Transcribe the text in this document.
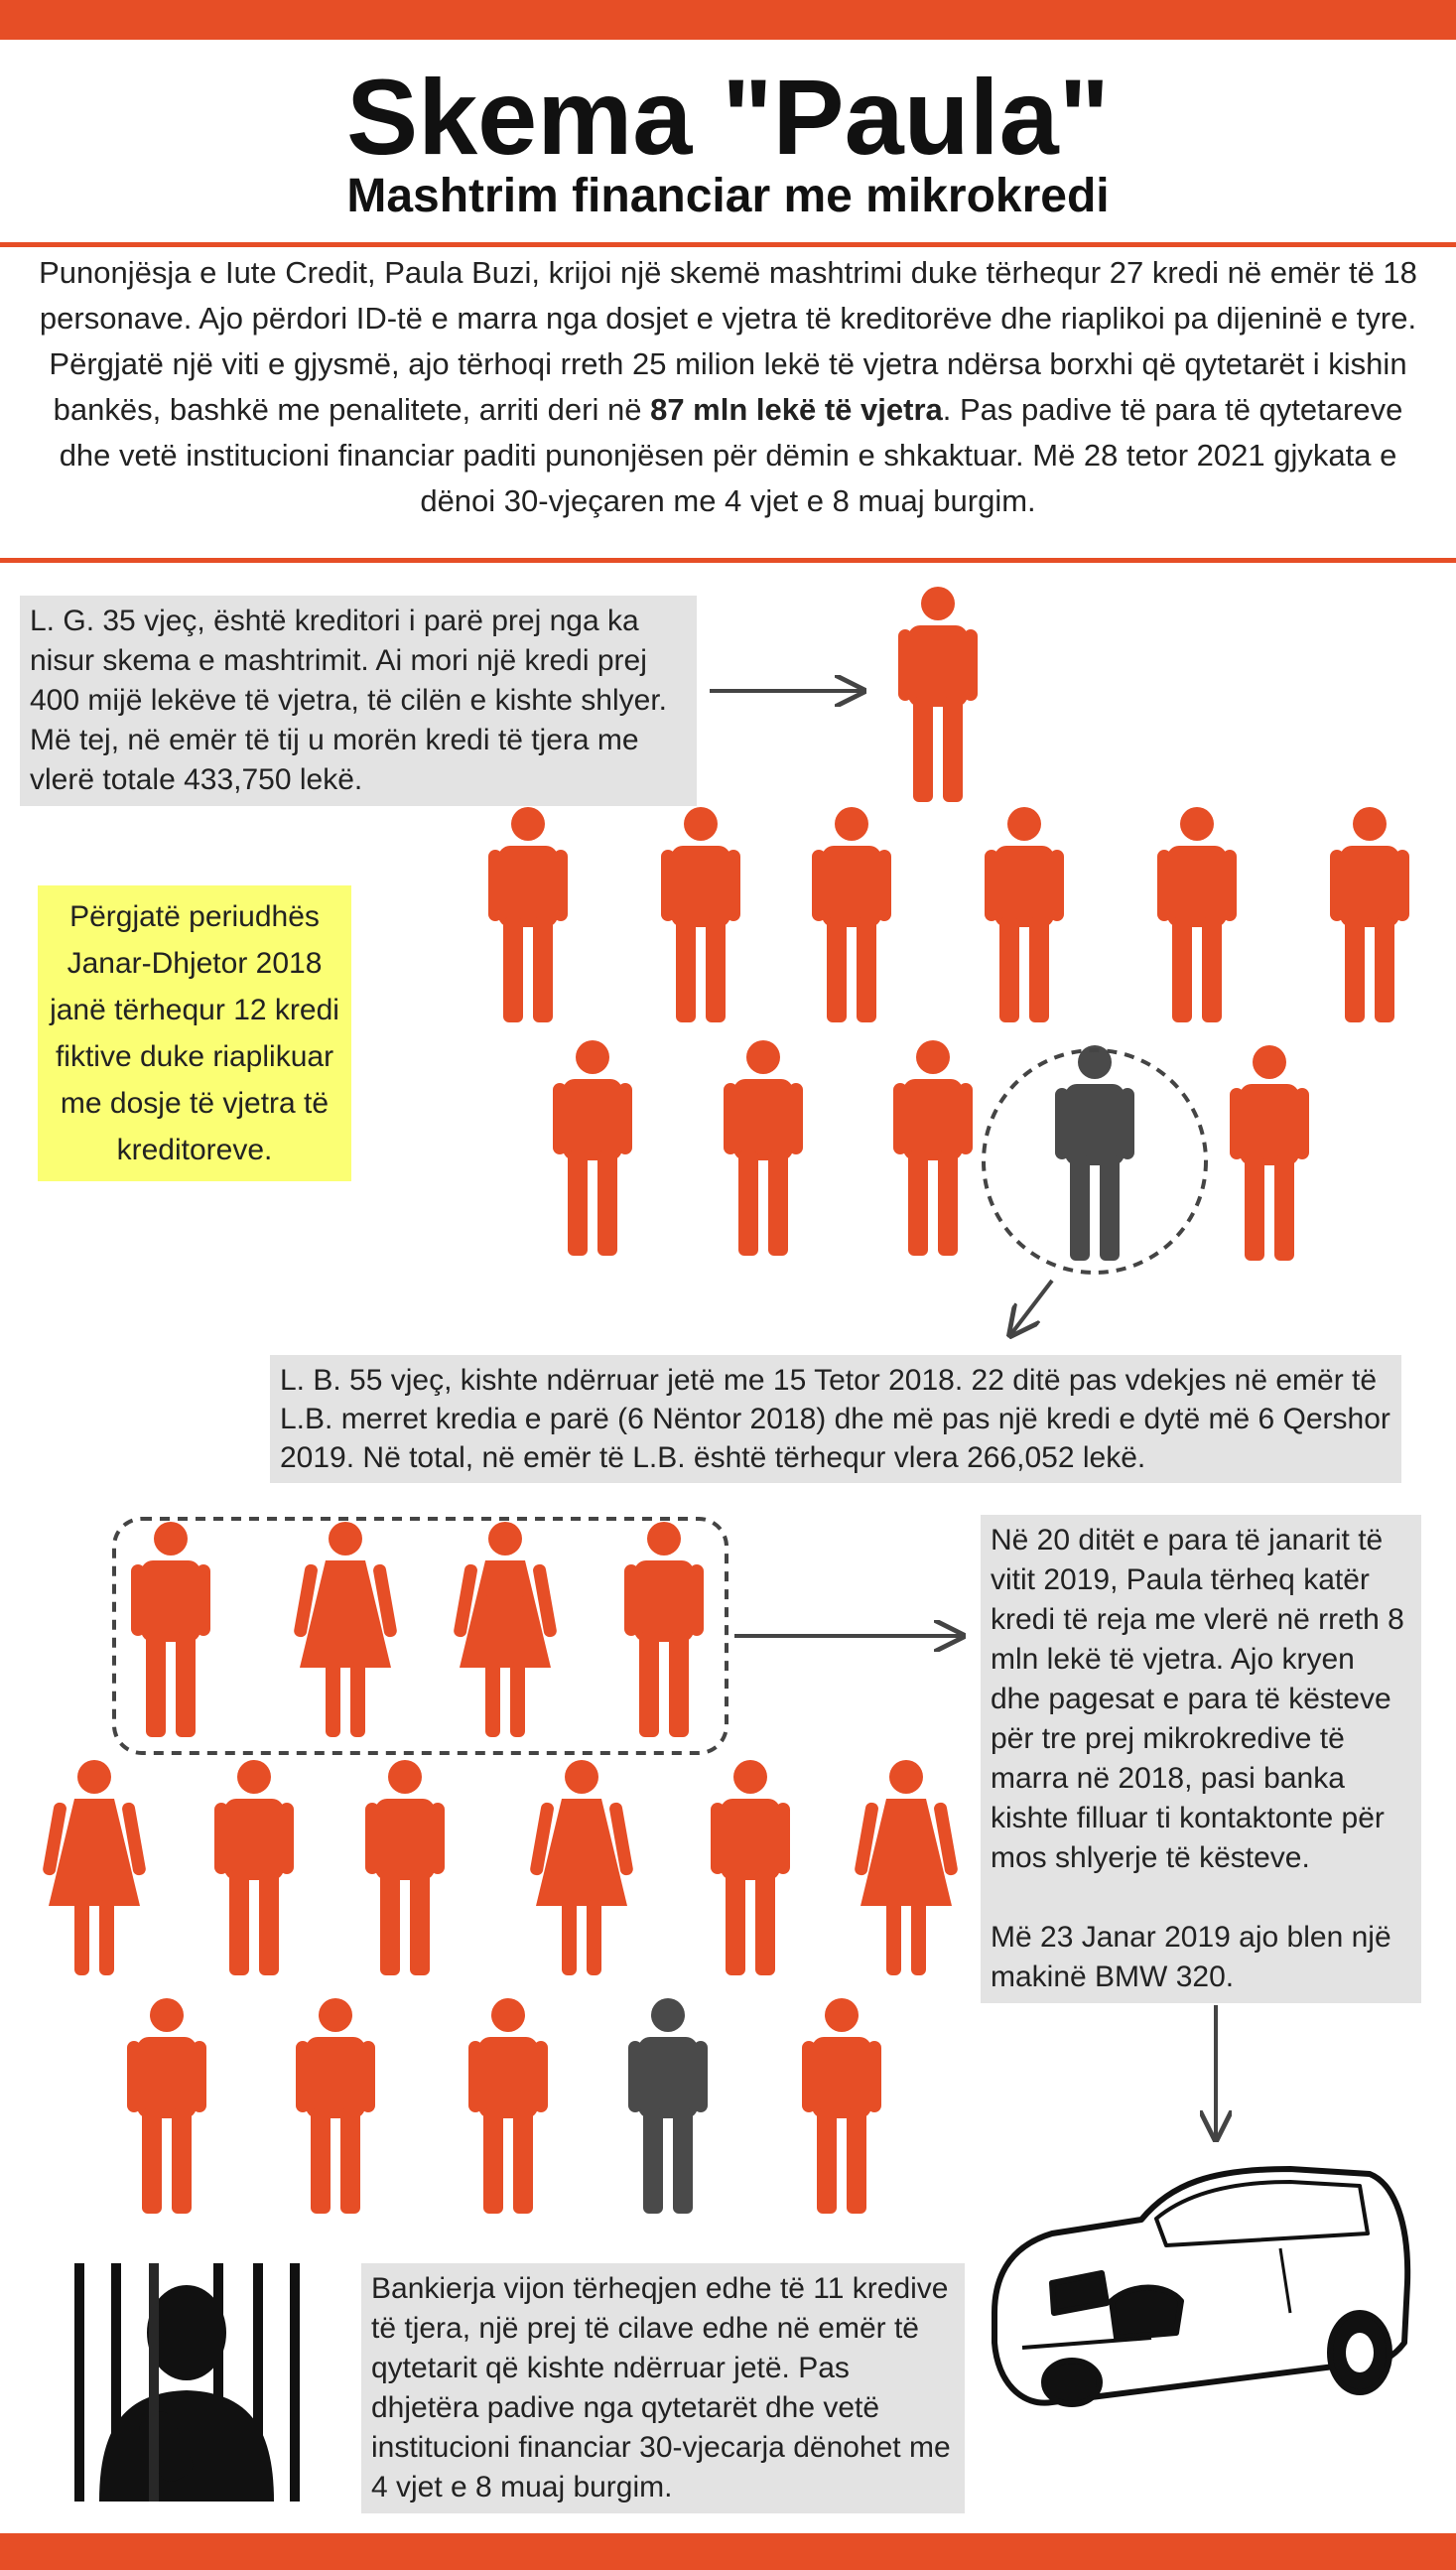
Skema "Paula"
Mashtrim financiar me mikrokredi
Punonjësja e Iute Credit, Paula Buzi, krijoi një skemë mashtrimi duke tërhequr 27 kredi në emër të 18 personave. Ajo përdori ID-të e marra nga dosjet e vjetra të kreditorëve dhe riaplikoi pa dijeninë e tyre. Përgjatë një viti e gjysmë, ajo tërhoqi rreth 25 milion lekë të vjetra ndërsa borxhi që qytetarët i kishin bankës, bashkë me penalitete, arriti deri në 87 mln lekë të vjetra. Pas padive të para të qytetareve dhe vetë institucioni financiar paditi punonjësen për dëmin e shkaktuar. Më 28 tetor 2021 gjykata e dënoi 30-vjeçaren me 4 vjet e 8 muaj burgim.
L. G. 35 vjeç, është kreditori i parë prej nga ka nisur skema e mashtrimit. Ai mori një kredi prej 400 mijë lekëve të vjetra, të cilën e kishte shlyer. Më tej, në emër të tij u morën kredi të tjera me vlerë totale 433,750 lekë.
Përgjatë periudhës Janar-Dhjetor 2018 janë tërhequr 12 kredi fiktive duke riaplikuar me dosje të vjetra të kreditoreve.
L. B. 55 vjeç, kishte ndërruar jetë me 15 Tetor 2018. 22 ditë pas vdekjes në emër të L.B. merret kredia e parë (6 Nëntor 2018) dhe më pas një kredi e dytë më 6 Qershor 2019. Në total, në emër të L.B. është tërhequr vlera 266,052 lekë.
Në 20 ditët e para të janarit të vitit 2019, Paula tërheq katër kredi të reja me vlerë në rreth 8 mln lekë të vjetra. Ajo kryen dhe pagesat e para të kësteve për tre prej mikrokredive të marra në 2018, pasi banka kishte filluar ti kontaktonte për mos shlyerje të kësteve.
Më 23 Janar 2019 ajo blen një makinë BMW 320.
Bankierja vijon tërheqjen edhe të 11 kredive të tjera, një prej të cilave edhe në emër të qytetarit që kishte ndërruar jetë. Pas dhjetëra padive nga qytetarët dhe vetë institucioni financiar 30-vjecarja dënohet me 4 vjet e 8 muaj burgim.
